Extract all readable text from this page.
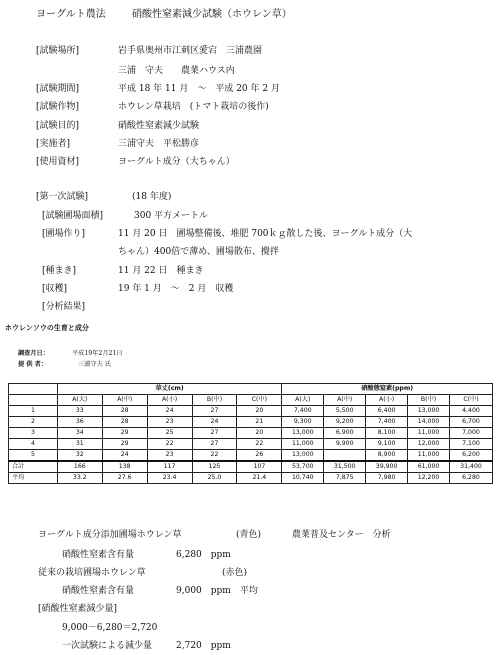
ヨーグルト農法	硝酸性窒素減少試験（ホウレン草）
[試験場所]	岩手県奥州市江刺区愛宕　三浦農園
三浦　守夫　　農業ハウス内
[試験期間]	平成 18 年 11 月　～　平成 20 年 2 月
[試験作物]	ホウレン草栽培　(トマト栽培の後作)
[試験目的]	硝酸性窒素減少試験
[実施者]	三浦守夫　平松勝彦
[使用資材]	ヨーグルト成分（大ちゃん）
[第一次試験]	(18 年度)
[試験圃場面積]	300 平方メートル
[圃場作り]	11 月 20 日　圃場整備後、堆肥 700ｋｇ散した後、ヨーグルト成分（大
ちゃん）400倍で薄め、圃場散布、攪拌
[種まき]	11 月 22 日　種まき
[収穫]	19 年 1 月　～　2 月　収穫
[分析結果]
ホウレンソウの生育と成分
調査月日：	平成19年2月21日
提 供 者：	三浦守夫 氏
	草丈(cm)					硝酸態窒素(ppm)				
	A(大)	A(中)	A(小)	B(中)	C(中)	A(大)	A(中)	A(小)	B(中)	C(中)
1	33	28	24	27	20	7,400	5,500	6,400	13,000	4,400
2	36	28	23	24	21	9,300	9,200	7,400	14,000	6,700
3	34	29	25	27	20	13,000	6,900	8,100	11,000	7,000
4	31	29	22	27	22	11,000	9,900	9,100	12,000	7,100
5	32	24	23	22	26	13,000		8,900	11,000	6,200
合計	166	138	117	125	107	53,700	31,500	39,900	61,000	31,400
平均	33.2	27.6	23.4	25.0	21.4	10,740	7,875	7,980	12,200	6,280
ヨーグルト成分添加圃場ホウレン草	(青色)	農業普及センター　分析
硝酸性窒素含有量	6,280　ppm
従来の栽培圃場ホウレン草	(赤色)
硝酸性窒素含有量	9,000　ppm　平均
[硝酸性窒素減少量]
9,000－6,280＝2,720
一次試験による減少量	2,720　ppm
